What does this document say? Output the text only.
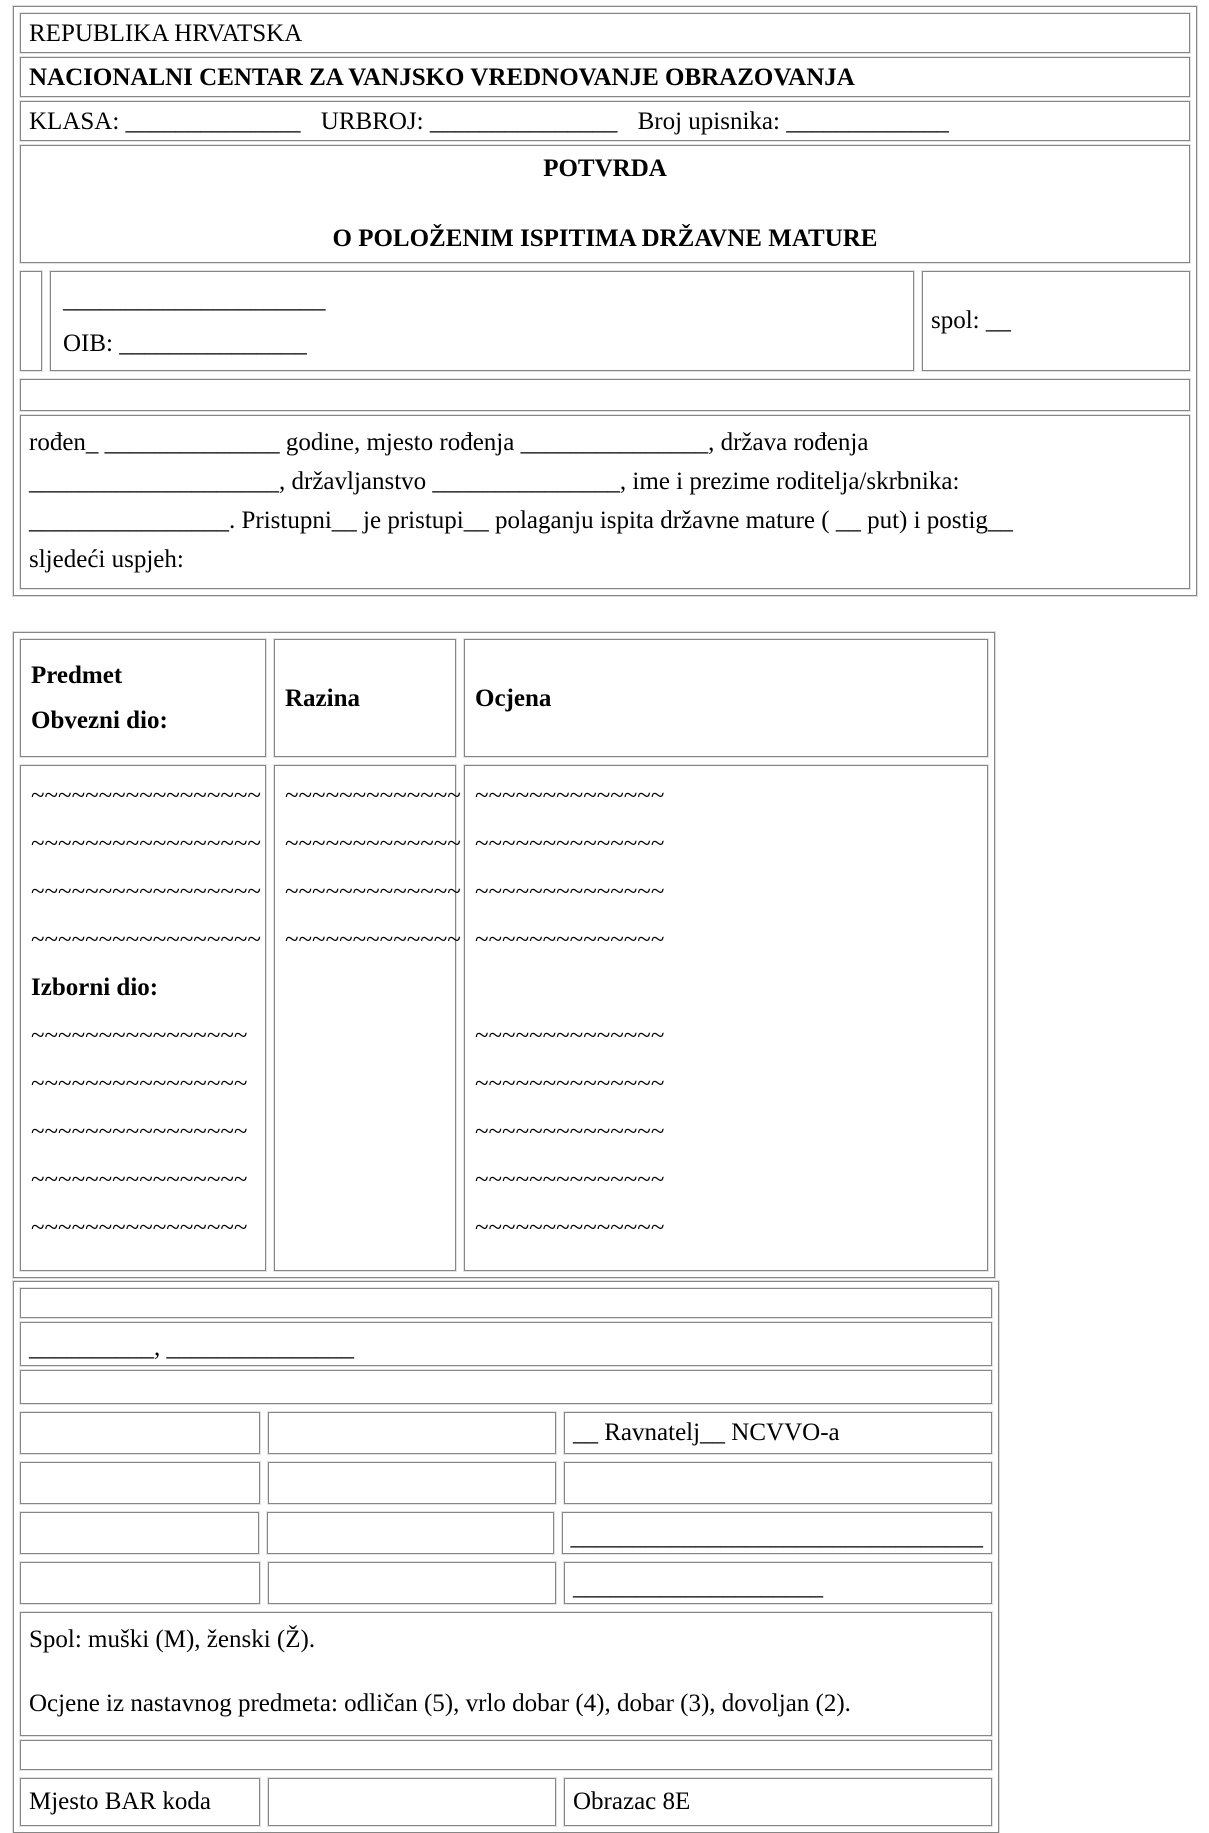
REPUBLIKA HRVATSKA
NACIONALNI CENTAR ZA VANJSKO VREDNOVANJE OBRAZOVANJA
KLASA: ______________ URBROJ: _______________ Broj upisnika: _____________
POTVRDA
O POLOŽENIM ISPITIMA DRŽAVNE MATURE
_____________________
OIB: _______________
spol: __
rođen_ ______________ godine, mjesto rođenja _______________, država rođenja
____________________, državljanstvo _______________, ime i prezime roditelja/skrbnika:
________________. Pristupni__ je pristupi__ polaganju ispita državne mature ( __ put) i postig__
sljedeći uspjeh:
Predmet
Obvezni dio:
Razina	Ocjena
~~~~~~~~~~~~~~~~~
~~~~~~~~~~~~~~~~~
~~~~~~~~~~~~~~~~~
~~~~~~~~~~~~~~~~~
Izborni dio:
~~~~~~~~~~~~~~~~
~~~~~~~~~~~~~~~~
~~~~~~~~~~~~~~~~
~~~~~~~~~~~~~~~~
~~~~~~~~~~~~~~~~
~~~~~~~~~~~~~
~~~~~~~~~~~~~
~~~~~~~~~~~~~
~~~~~~~~~~~~~
~~~~~~~~~~~~~~
~~~~~~~~~~~~~~
~~~~~~~~~~~~~~
~~~~~~~~~~~~~~
~~~~~~~~~~~~~~
~~~~~~~~~~~~~~
~~~~~~~~~~~~~~
~~~~~~~~~~~~~~
~~~~~~~~~~~~~~
__________, _______________
__ Ravnatelj__ NCVVO-a
_________________________________
____________________
Spol: muški (M), ženski (Ž).
Ocjene iz nastavnog predmeta: odličan (5), vrlo dobar (4), dobar (3), dovoljan (2).
Mjesto BAR koda	Obrazac 8E
